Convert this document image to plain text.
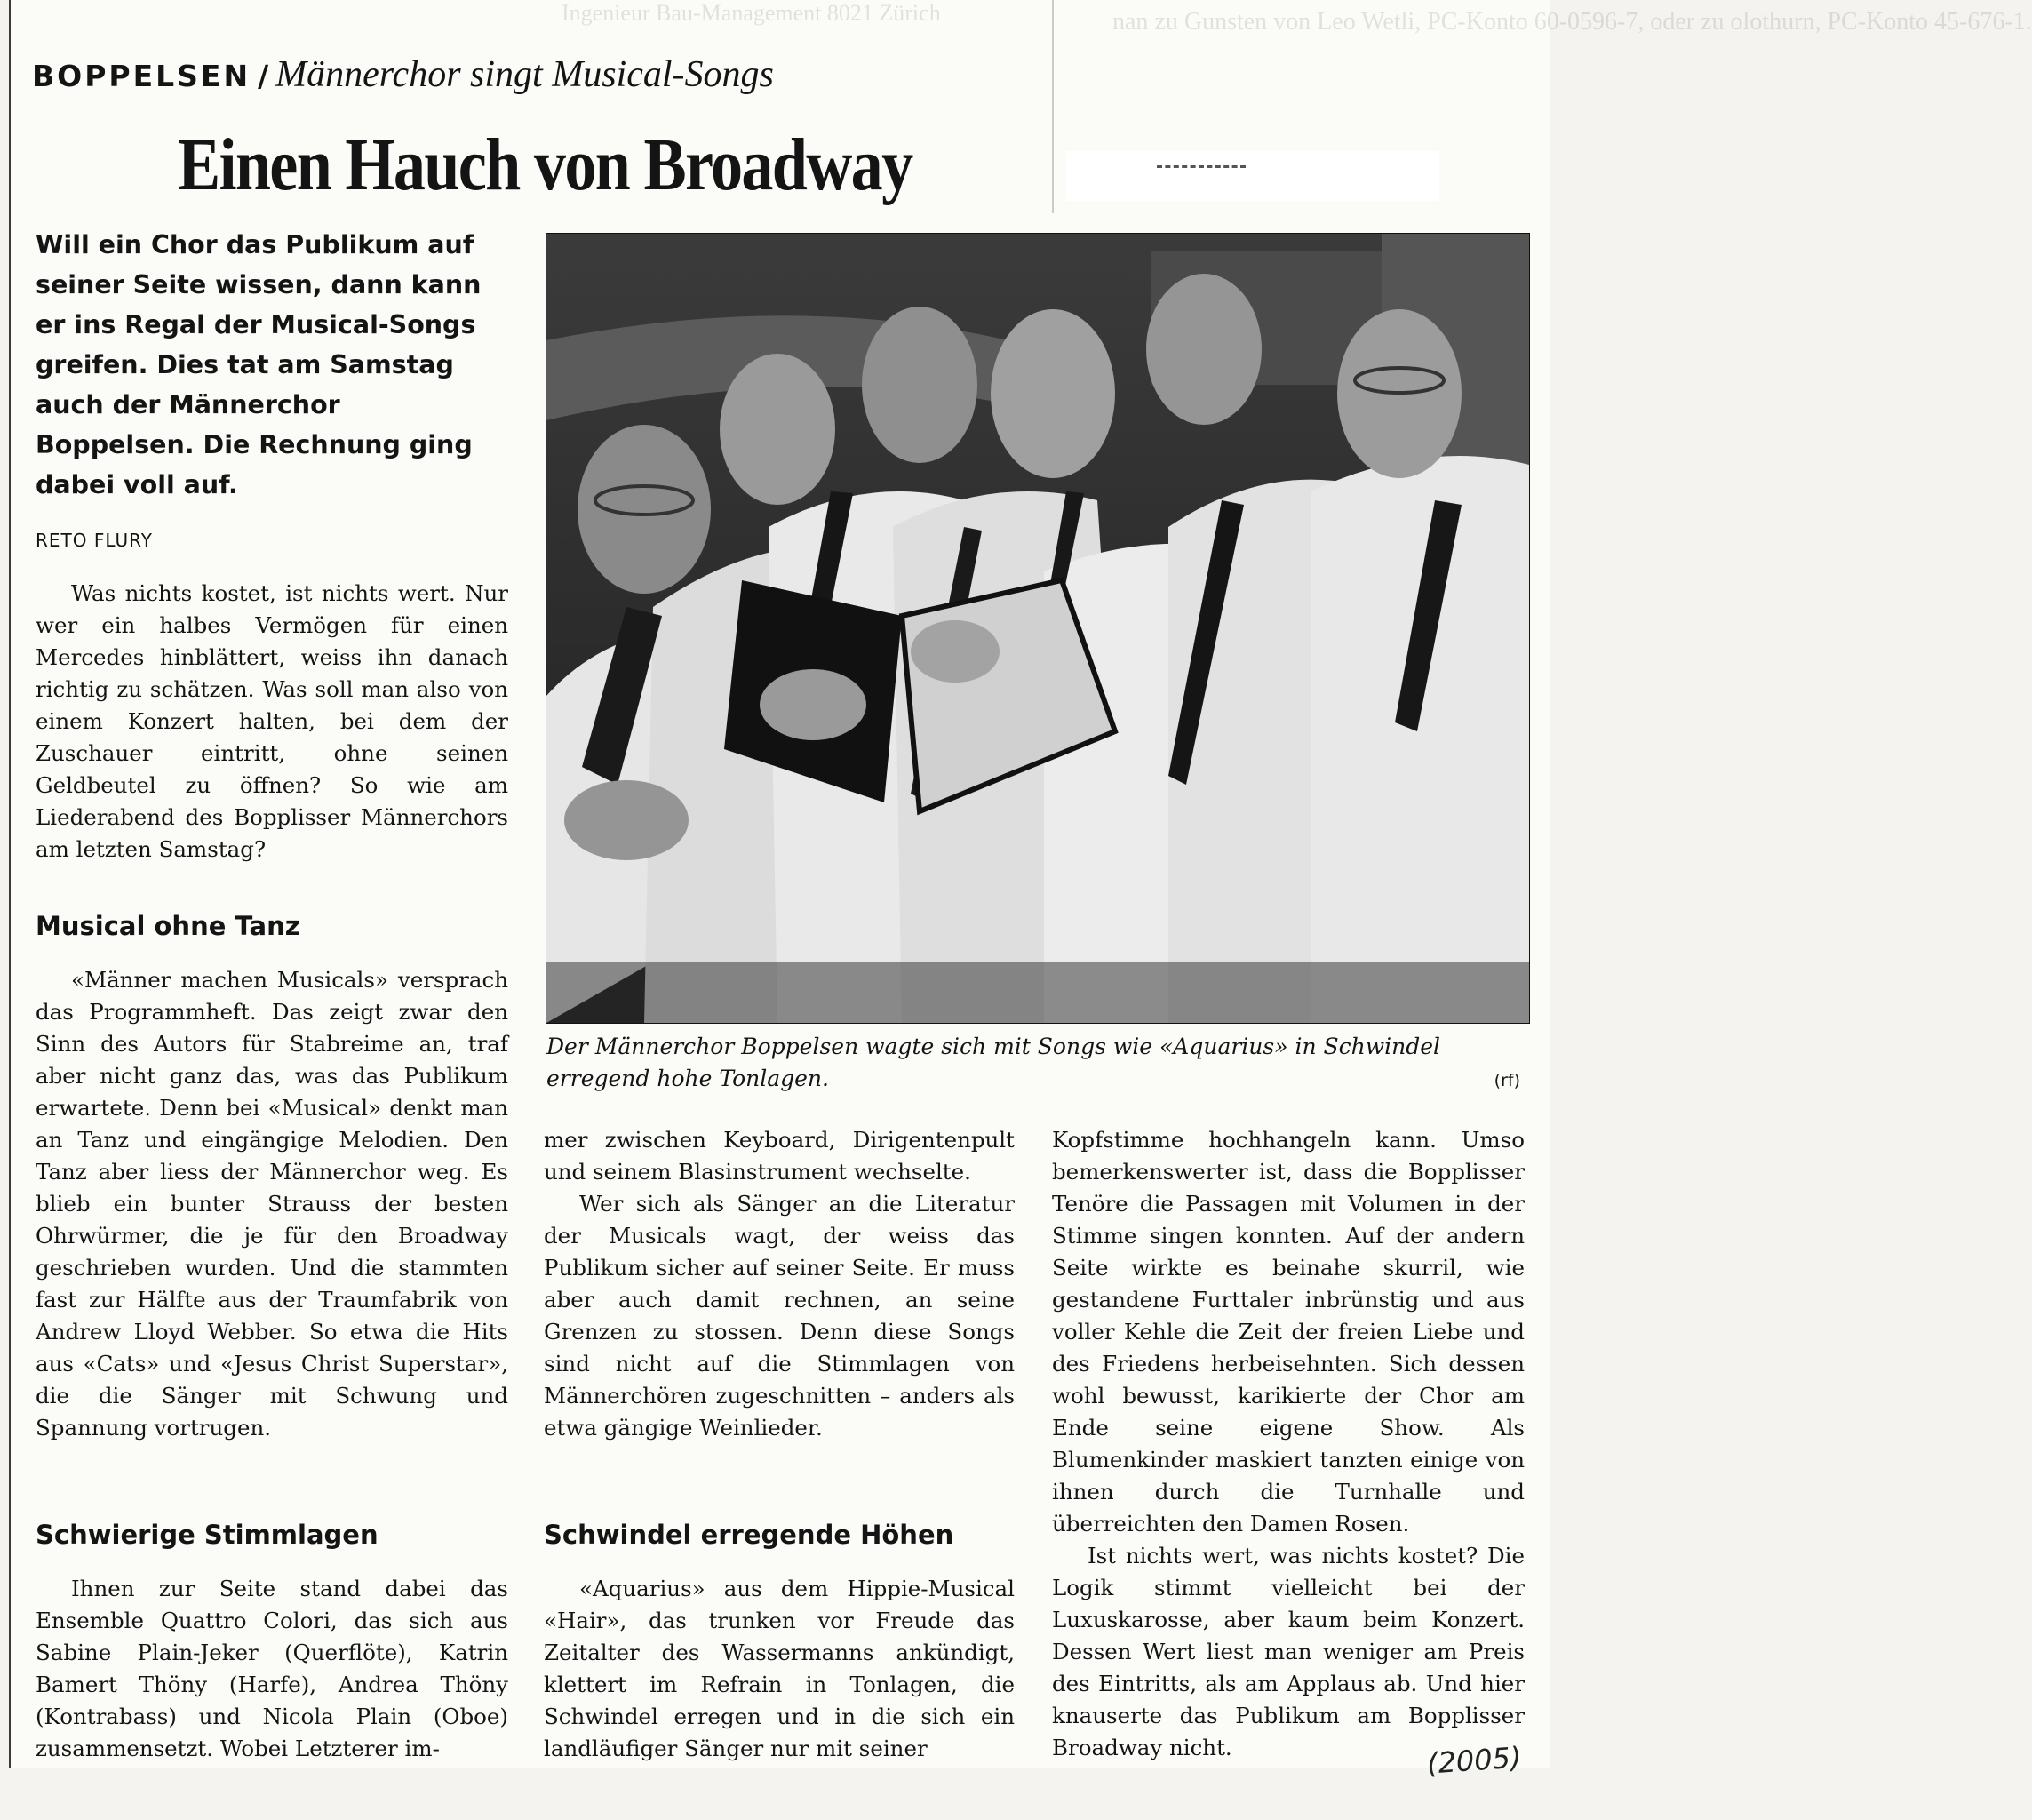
nan zu Gunsten von Leo Wetli, PC-Konto 60-0596-7, oder zu olothurn, PC-Konto 45-676-1.
Ingenieur Bau-Management 8021 Zürich
BOPPELSEN / Männerchor singt Musical-Songs
Einen Hauch von Broadway
Will ein Chor das Publikum auf seiner Seite wissen, dann kann er ins Regal der Musical-Songs greifen. Dies tat am Samstag auch der Männerchor Boppelsen. Die Rechnung ging dabei voll auf.
RETO FLURY

Was nichts kostet, ist nichts wert. Nur wer ein halbes Vermögen für einen Mercedes hinblättert, weiss ihn danach richtig zu schätzen. Was soll man also von einem Konzert halten, bei dem der Zuschauer eintritt, ohne seinen Geldbeutel zu öffnen? So wie am Liederabend des Bopplisser Männerchors am letzten Samstag?

Musical ohne Tanz

«Männer machen Musicals» versprach das Programmheft. Das zeigt zwar den Sinn des Autors für Stabreime an, traf aber nicht ganz das, was das Publikum erwartete. Denn bei «Musical» denkt man an Tanz und eingängige Melodien. Den Tanz aber liess der Männerchor weg. Es blieb ein bunter Strauss der besten Ohrwürmer, die je für den Broadway geschrieben wurden. Und die stammten fast zur Hälfte aus der Traumfabrik von Andrew Lloyd Webber. So etwa die Hits aus «Cats» und «Jesus Christ Superstar», die die Sänger mit Schwung und Spannung vortrugen.

Schwierige Stimmlagen

Ihnen zur Seite stand dabei das Ensemble Quattro Colori, das sich aus Sabine Plain-Jeker (Querflöte), Katrin Bamert Thöny (Harfe), Andrea Thöny (Kontrabass) und Nicola Plain (Oboe) zusammensetzt. Wobei Letzterer im-

Der Männerchor Boppelsen wagte sich mit Songs wie «Aquarius» in Schwindel erregend hohe Tonlagen.	(rf)

mer zwischen Keyboard, Dirigentenpult und seinem Blasinstrument wechselte.

Wer sich als Sänger an die Literatur der Musicals wagt, der weiss das Publikum sicher auf seiner Seite. Er muss aber auch damit rechnen, an seine Grenzen zu stossen. Denn diese Songs sind nicht auf die Stimmlagen von Männerchören zugeschnitten – anders als etwa gängige Weinlieder.

Schwindel erregende Höhen

«Aquarius» aus dem Hippie-Musical «Hair», das trunken vor Freude das Zeitalter des Wassermanns ankündigt, klettert im Refrain in Tonlagen, die Schwindel erregen und in die sich ein landläufiger Sänger nur mit seiner

Kopfstimme hochhangeln kann. Umso bemerkenswerter ist, dass die Bopplisser Tenöre die Passagen mit Volumen in der Stimme singen konnten. Auf der andern Seite wirkte es beinahe skurril, wie gestandene Furttaler inbrünstig und aus voller Kehle die Zeit der freien Liebe und des Friedens herbeisehnten. Sich dessen wohl bewusst, karikierte der Chor am Ende seine eigene Show. Als Blumenkinder maskiert tanzten einige von ihnen durch die Turnhalle und überreichten den Damen Rosen.

Ist nichts wert, was nichts kostet? Die Logik stimmt vielleicht bei der Luxuskarosse, aber kaum beim Konzert. Dessen Wert liest man weniger am Preis des Eintritts, als am Applaus ab. Und hier knauserte das Publikum am Bopplisser Broadway nicht.	(2005)
